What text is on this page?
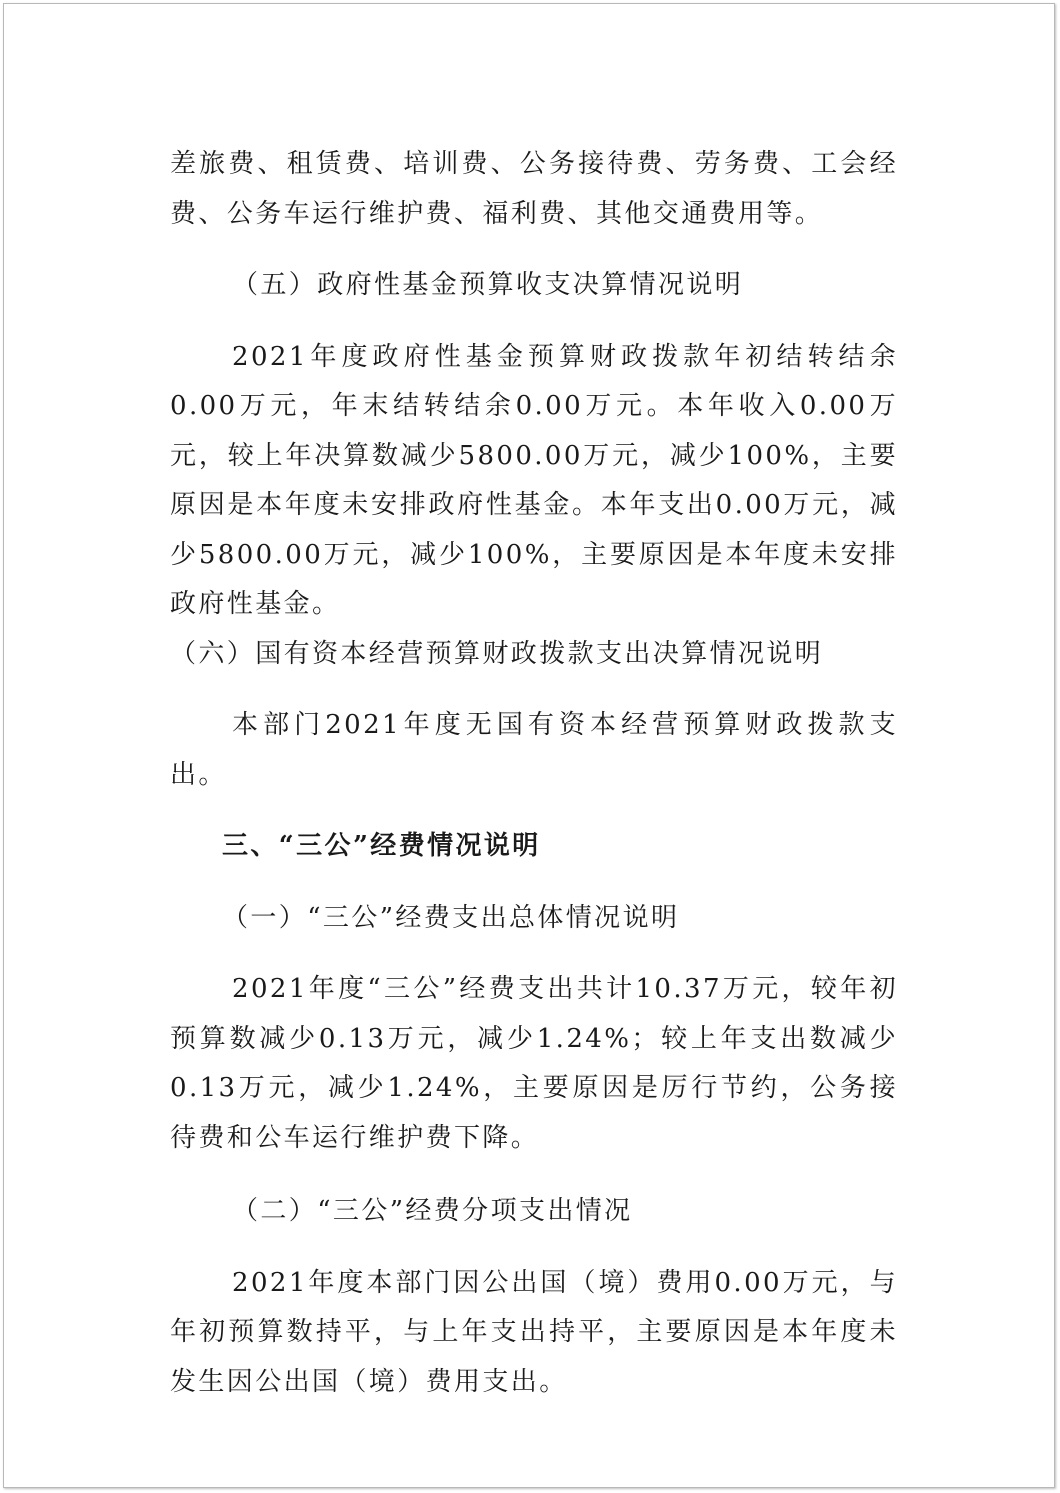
差旅费、租赁费、培训费、公务接待费、劳务费、工会经费、公务车运行维护费、福利费、其他交通费用等。

（五）政府性基金预算收支决算情况说明

2021年度政府性基金预算财政拨款年初结转结余0.00万元，年末结转结余0.00万元。本年收入0.00万元，较上年决算数减少5800.00万元，减少100%，主要原因是本年度未安排政府性基金。本年支出0.00万元，减少5800.00万元，减少100%，主要原因是本年度未安排政府性基金。

（六）国有资本经营预算财政拨款支出决算情况说明

本部门2021年度无国有资本经营预算财政拨款支出。

三、“三公”经费情况说明

（一）“三公”经费支出总体情况说明

2021年度“三公”经费支出共计10.37万元，较年初预算数减少0.13万元，减少1.24%；较上年支出数减少0.13万元，减少1.24%，主要原因是厉行节约，公务接待费和公车运行维护费下降。

（二）“三公”经费分项支出情况

2021年度本部门因公出国（境）费用0.00万元，与年初预算数持平，与上年支出持平，主要原因是本年度未发生因公出国（境）费用支出。
